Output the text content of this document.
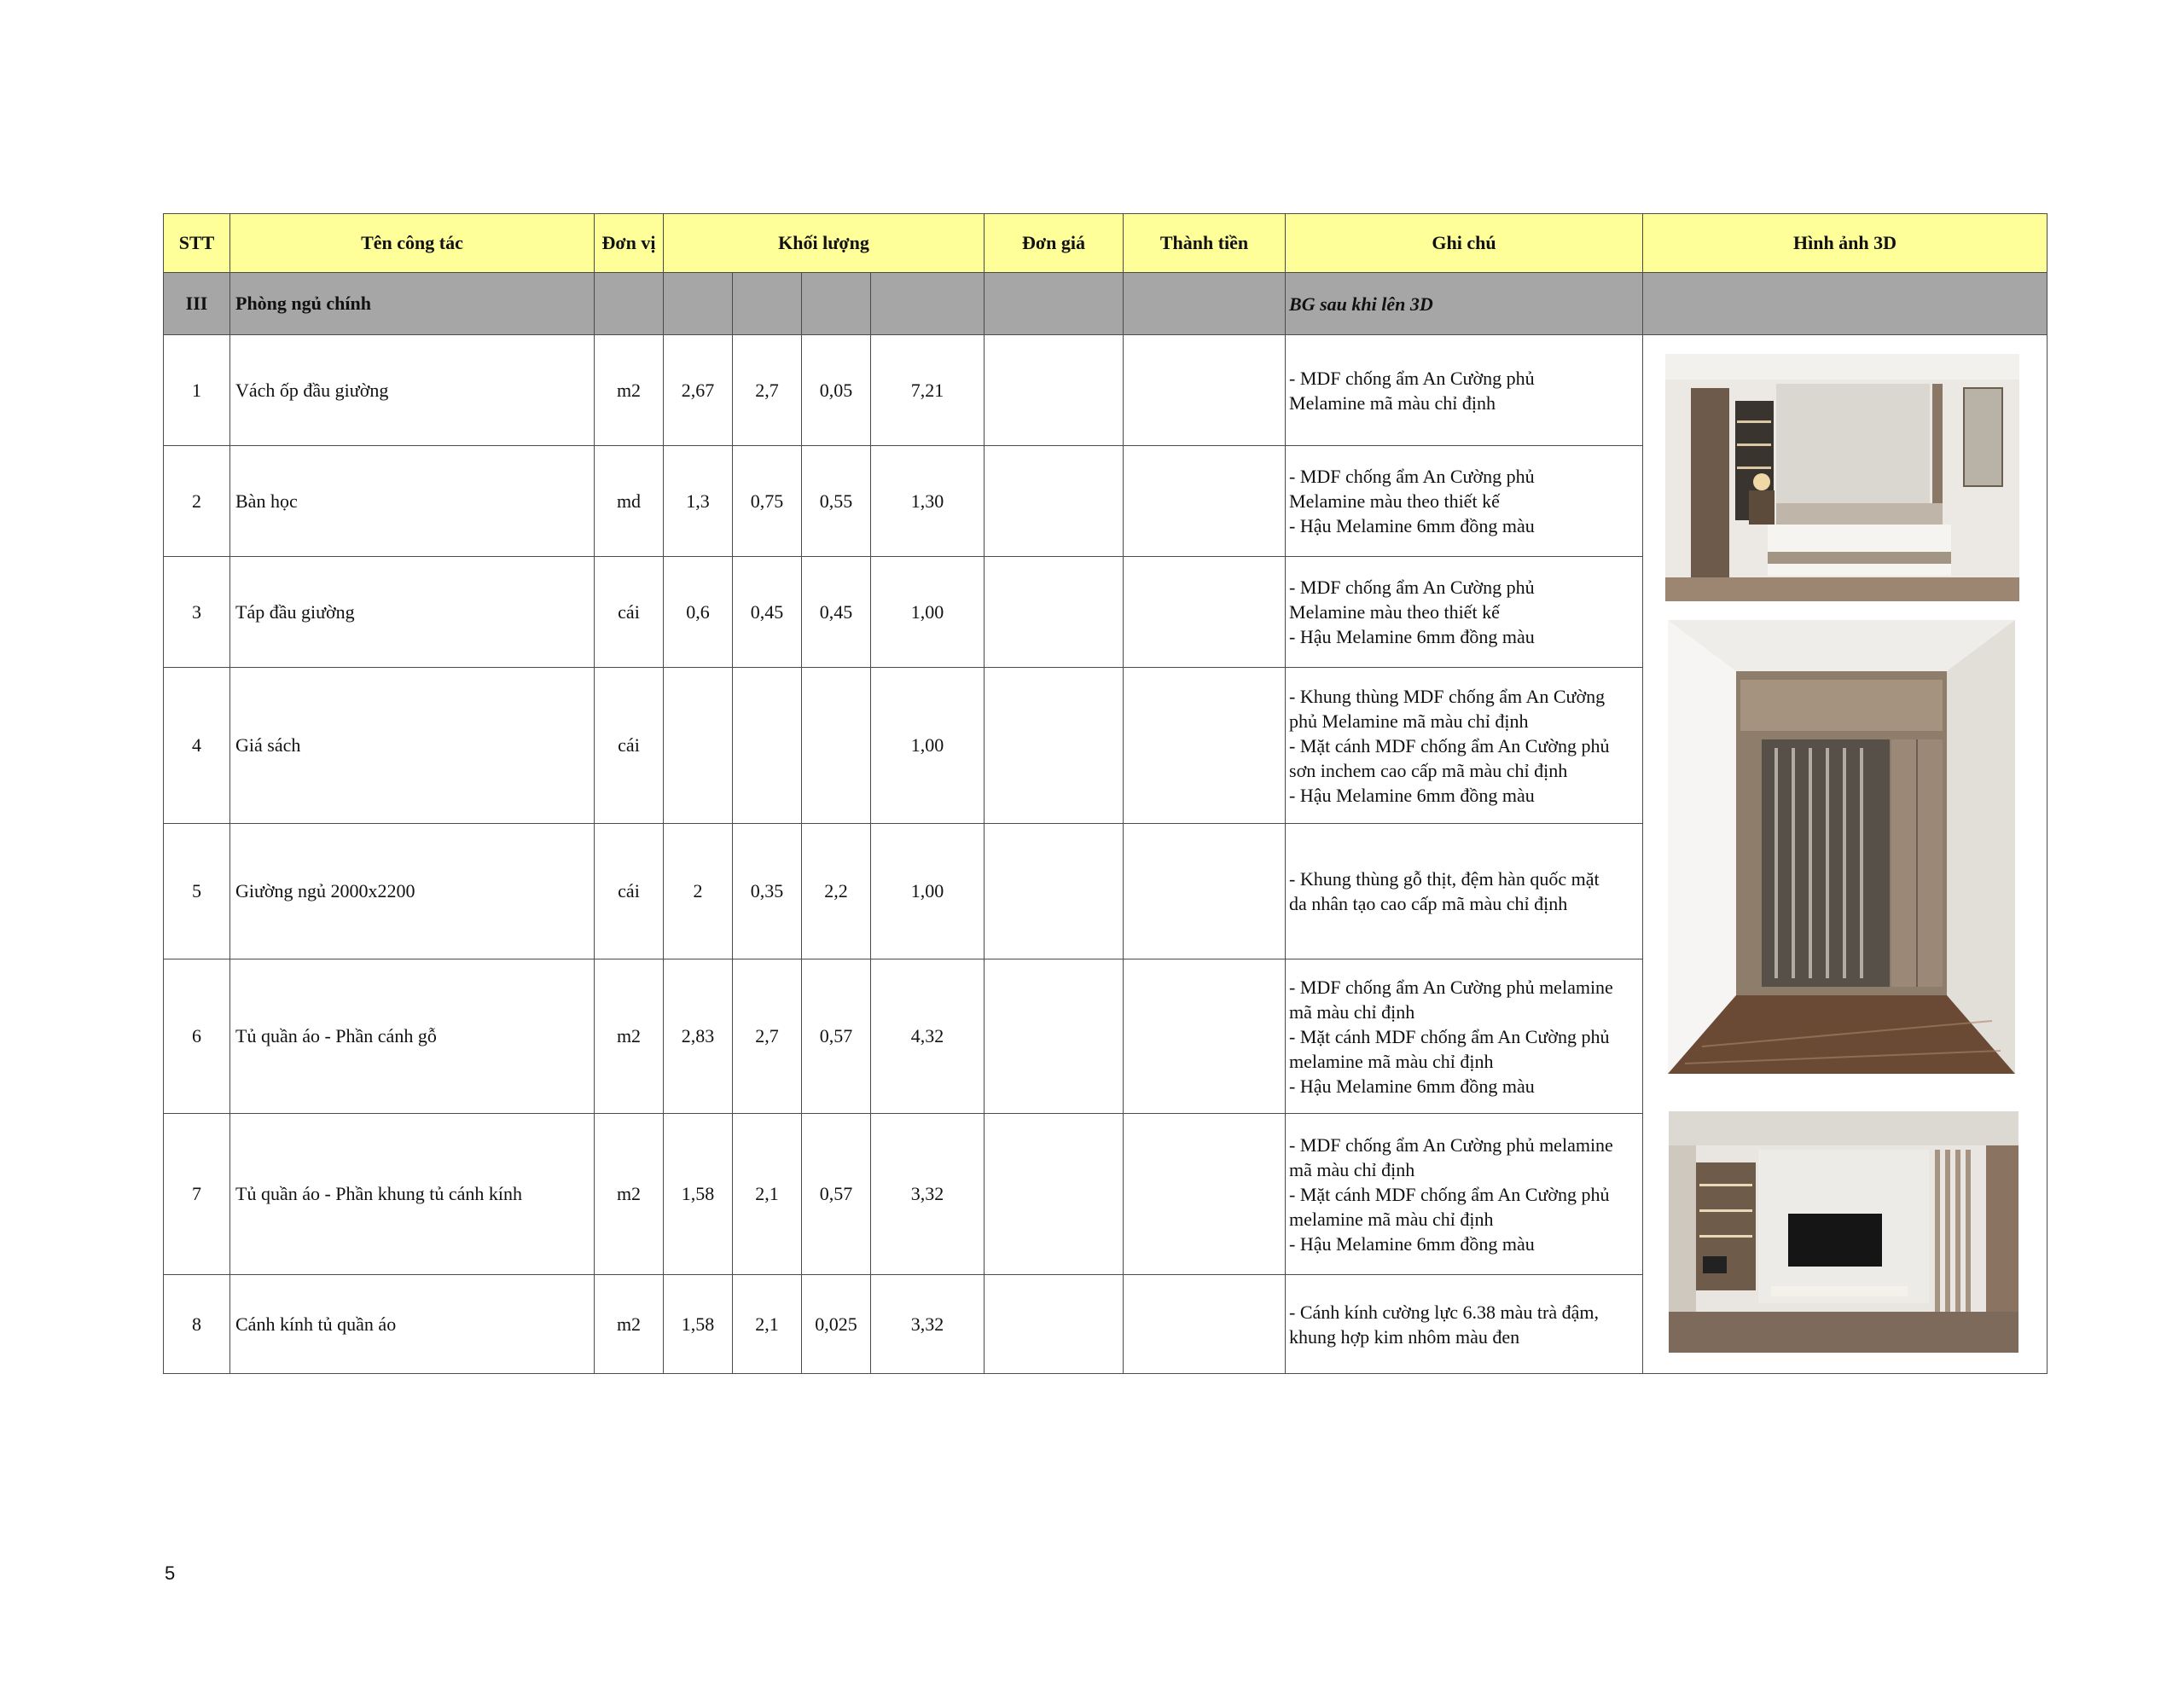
STT	Tên công tác	Đơn vị	Khối lượng				Đơn giá	Thành tiền	Ghi chú	Hình ảnh 3D
III	Phòng ngủ chính								BG sau khi lên 3D	
1	Vách ốp đầu giường	m2	2,67	2,7	0,05	7,21			- MDF chống ẩm An Cường phủ
Melamine mã màu chỉ định	

2	Bàn học	md	1,3	0,75	0,55	1,30			- MDF chống ẩm An Cường phủ
Melamine màu theo thiết kế
- Hậu Melamine 6mm đồng màu	

3	Táp đầu giường	cái	0,6	0,45	0,45	1,00			- MDF chống ẩm An Cường phủ
Melamine màu theo thiết kế
- Hậu Melamine 6mm đồng màu	

4	Giá sách	cái				1,00			- Khung thùng MDF chống ẩm An Cường
phủ Melamine mã màu chỉ định
- Mặt cánh MDF chống ẩm An Cường phủ
sơn inchem cao cấp mã màu chỉ định
- Hậu Melamine 6mm đồng màu	

5	Giường ngủ 2000x2200	cái	2	0,35	2,2	1,00			- Khung thùng gỗ thịt, đệm hàn quốc mặt
da nhân tạo cao cấp mã màu chỉ định	

6	Tủ quần áo - Phần cánh gỗ	m2	2,83	2,7	0,57	4,32			- MDF chống ẩm An Cường phủ melamine
mã màu chỉ định
- Mặt cánh MDF chống ẩm An Cường phủ
melamine mã màu chỉ định
- Hậu Melamine 6mm đồng màu	

7	Tủ quần áo - Phần khung tủ cánh kính	m2	1,58	2,1	0,57	3,32			- MDF chống ẩm An Cường phủ melamine
mã màu chỉ định
- Mặt cánh MDF chống ẩm An Cường phủ
melamine mã màu chỉ định
- Hậu Melamine 6mm đồng màu	

8	Cánh kính tủ quần áo	m2	1,58	2,1	0,025	3,32			- Cánh kính cường lực 6.38 màu trà đậm,
khung hợp kim nhôm màu đen	

5
